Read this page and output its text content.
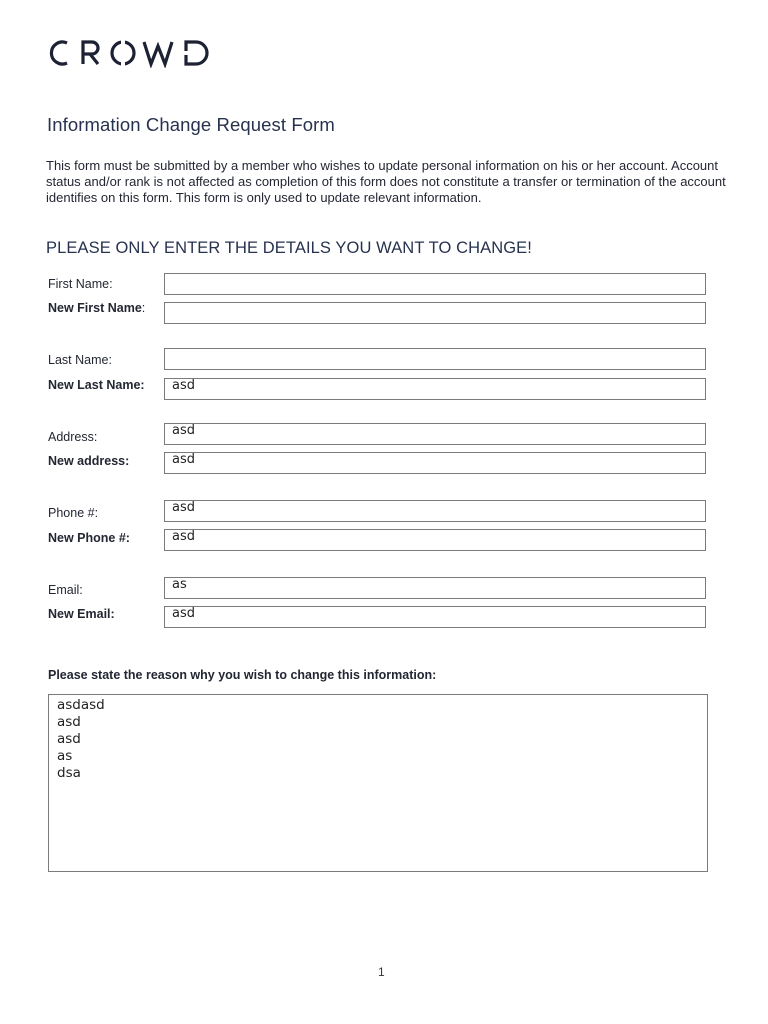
Information Change Request Form

This form must be submitted by a member who wishes to update personal information on his or her account. Account status and/or rank is not affected as completion of this form does not constitute a transfer or termination of the account identifies on this form. This form is only used to update relevant information.

PLEASE ONLY ENTER THE DETAILS YOU WANT TO CHANGE!
First Name:
New First Name:
Last Name:
New Last Name:	asd
Address:	asd
New address:	asd
Phone #:	asd
New Phone #:	asd
Email:	as
New Email:	asd
Please state the reason why you wish to change this information:
asdasd
asd
asd
as
dsa
1
